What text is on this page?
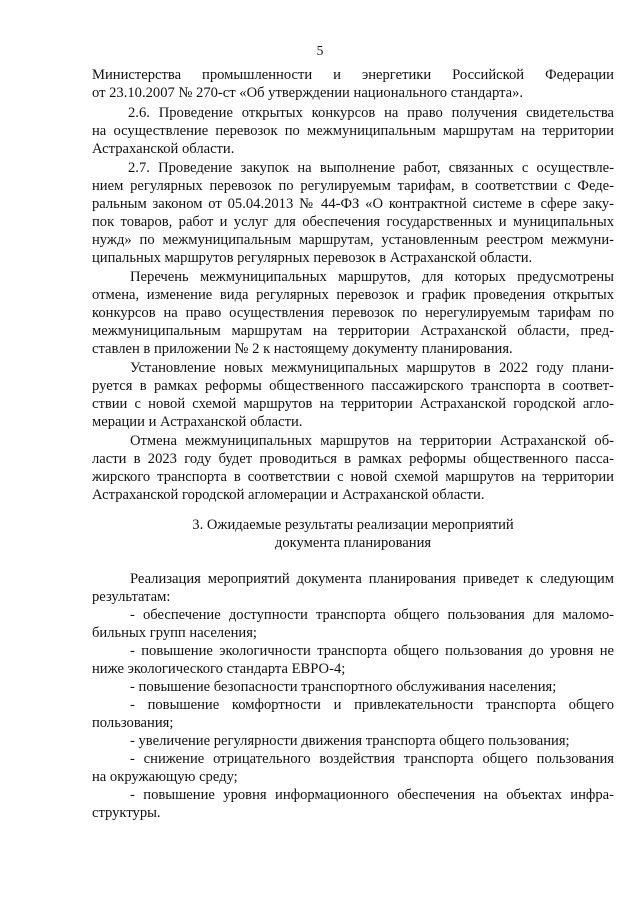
5
Министерства промышленности и энергетики Российской Федерации
от 23.10.2007 № 270-ст «Об утверждении национального стандарта».
2.6. Проведение открытых конкурсов на право получения свидетельства
на осуществление перевозок по межмуниципальным маршрутам на территории
Астраханской области.
2.7. Проведение закупок на выполнение работ, связанных с осуществле-
нием регулярных перевозок по регулируемым тарифам, в соответствии с Феде-
ральным законом от 05.04.2013 № 44-ФЗ «О контрактной системе в сфере заку-
пок товаров, работ и услуг для обеспечения государственных и муниципальных
нужд» по межмуниципальным маршрутам, установленным реестром межмуни-
ципальных маршрутов регулярных перевозок в Астраханской области.
Перечень межмуниципальных маршрутов, для которых предусмотрены
отмена, изменение вида регулярных перевозок и график проведения открытых
конкурсов на право осуществления перевозок по нерегулируемым тарифам по
межмуниципальным маршрутам на территории Астраханской области, пред-
ставлен в приложении № 2 к настоящему документу планирования.
Установление новых межмуниципальных маршрутов в 2022 году плани-
руется в рамках реформы общественного пассажирского транспорта в соответ-
ствии с новой схемой маршрутов на территории Астраханской городской агло-
мерации и Астраханской области.
Отмена межмуниципальных маршрутов на территории Астраханской об-
ласти в 2023 году будет проводиться в рамках реформы общественного пасса-
жирского транспорта в соответствии с новой схемой маршрутов на территории
Астраханской городской агломерации и Астраханской области.
3. Ожидаемые результаты реализации мероприятий
документа планирования
Реализация мероприятий документа планирования приведет к следующим
результатам:
- обеспечение доступности транспорта общего пользования для маломо-
бильных групп населения;
- повышение экологичности транспорта общего пользования до уровня не
ниже экологического стандарта ЕВРО-4;
- повышение безопасности транспортного обслуживания населения;
- повышение комфортности и привлекательности транспорта общего
пользования;
- увеличение регулярности движения транспорта общего пользования;
- снижение отрицательного воздействия транспорта общего пользования
на окружающую среду;
- повышение уровня информационного обеспечения на объектах инфра-
структуры.
